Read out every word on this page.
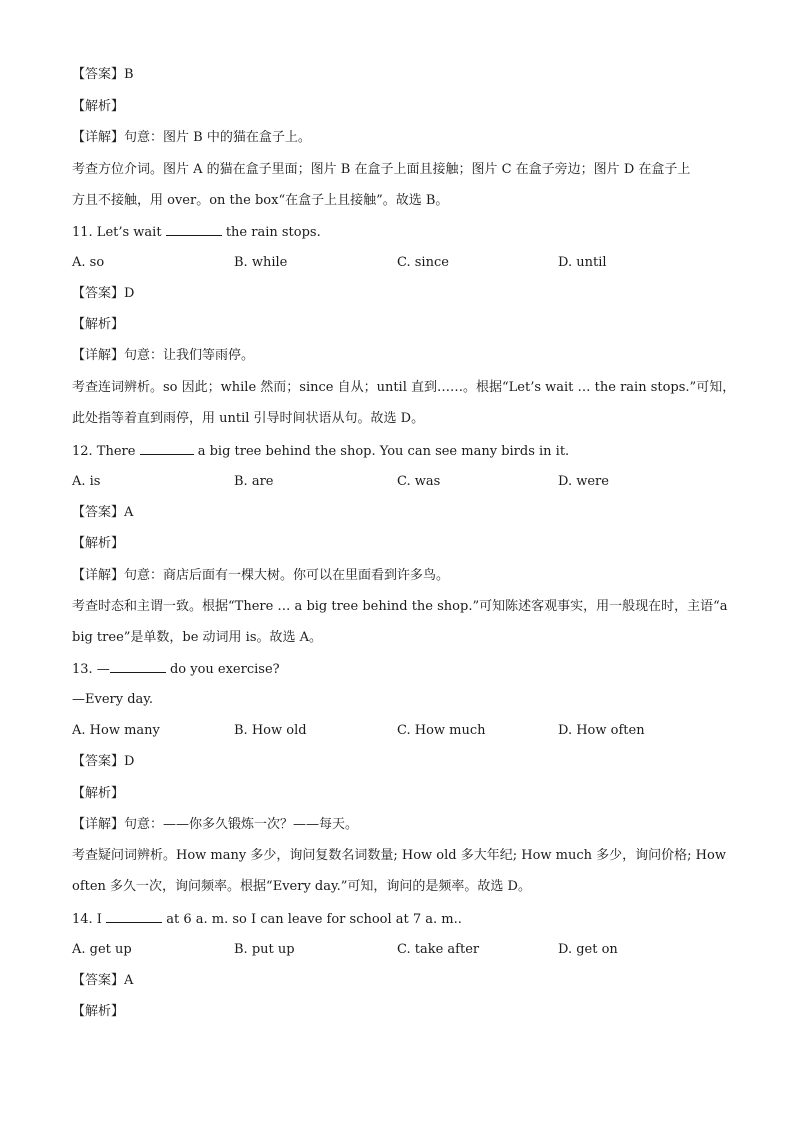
【答案】B
【解析】
【详解】句意：图片 B 中的猫在盒子上。
考查方位介词。图片 A 的猫在盒子里面；图片 B 在盒子上面且接触；图片 C 在盒子旁边；图片 D 在盒子上
方且不接触，用 over。on the box“在盒子上且接触”。故选 B。
11. Let’s wait	the rain stops.
A. so	B. while	C. since	D. until
【答案】D
【解析】
【详解】句意：让我们等雨停。
考查连词辨析。so 因此；while 然而；since 自从；until 直到……。根据“Let’s wait … the rain stops.”可知，
此处指等着直到雨停，用 until 引导时间状语从句。故选 D。
12. There	a big tree behind the shop. You can see many birds in it.
A. is	B. are	C. was	D. were
【答案】A
【解析】
【详解】句意：商店后面有一棵大树。你可以在里面看到许多鸟。
考查时态和主谓一致。根据“There … a big tree behind the shop.”可知陈述客观事实，用一般现在时，主语“a
big tree”是单数，be 动词用 is。故选 A。
13. —	do you exercise?
—Every day.
A. How many	B. How old	C. How much	D. How often
【答案】D
【解析】
【详解】句意：——你多久锻炼一次？——每天。
考查疑问词辨析。How many 多少，询问复数名词数量; How old 多大年纪; How much 多少，询问价格; How
often 多久一次，询问频率。根据“Every day.”可知，询问的是频率。故选 D。
14. I	at 6 a. m. so I can leave for school at 7 a. m..
A. get up	B. put up	C. take after	D. get on
【答案】A
【解析】
